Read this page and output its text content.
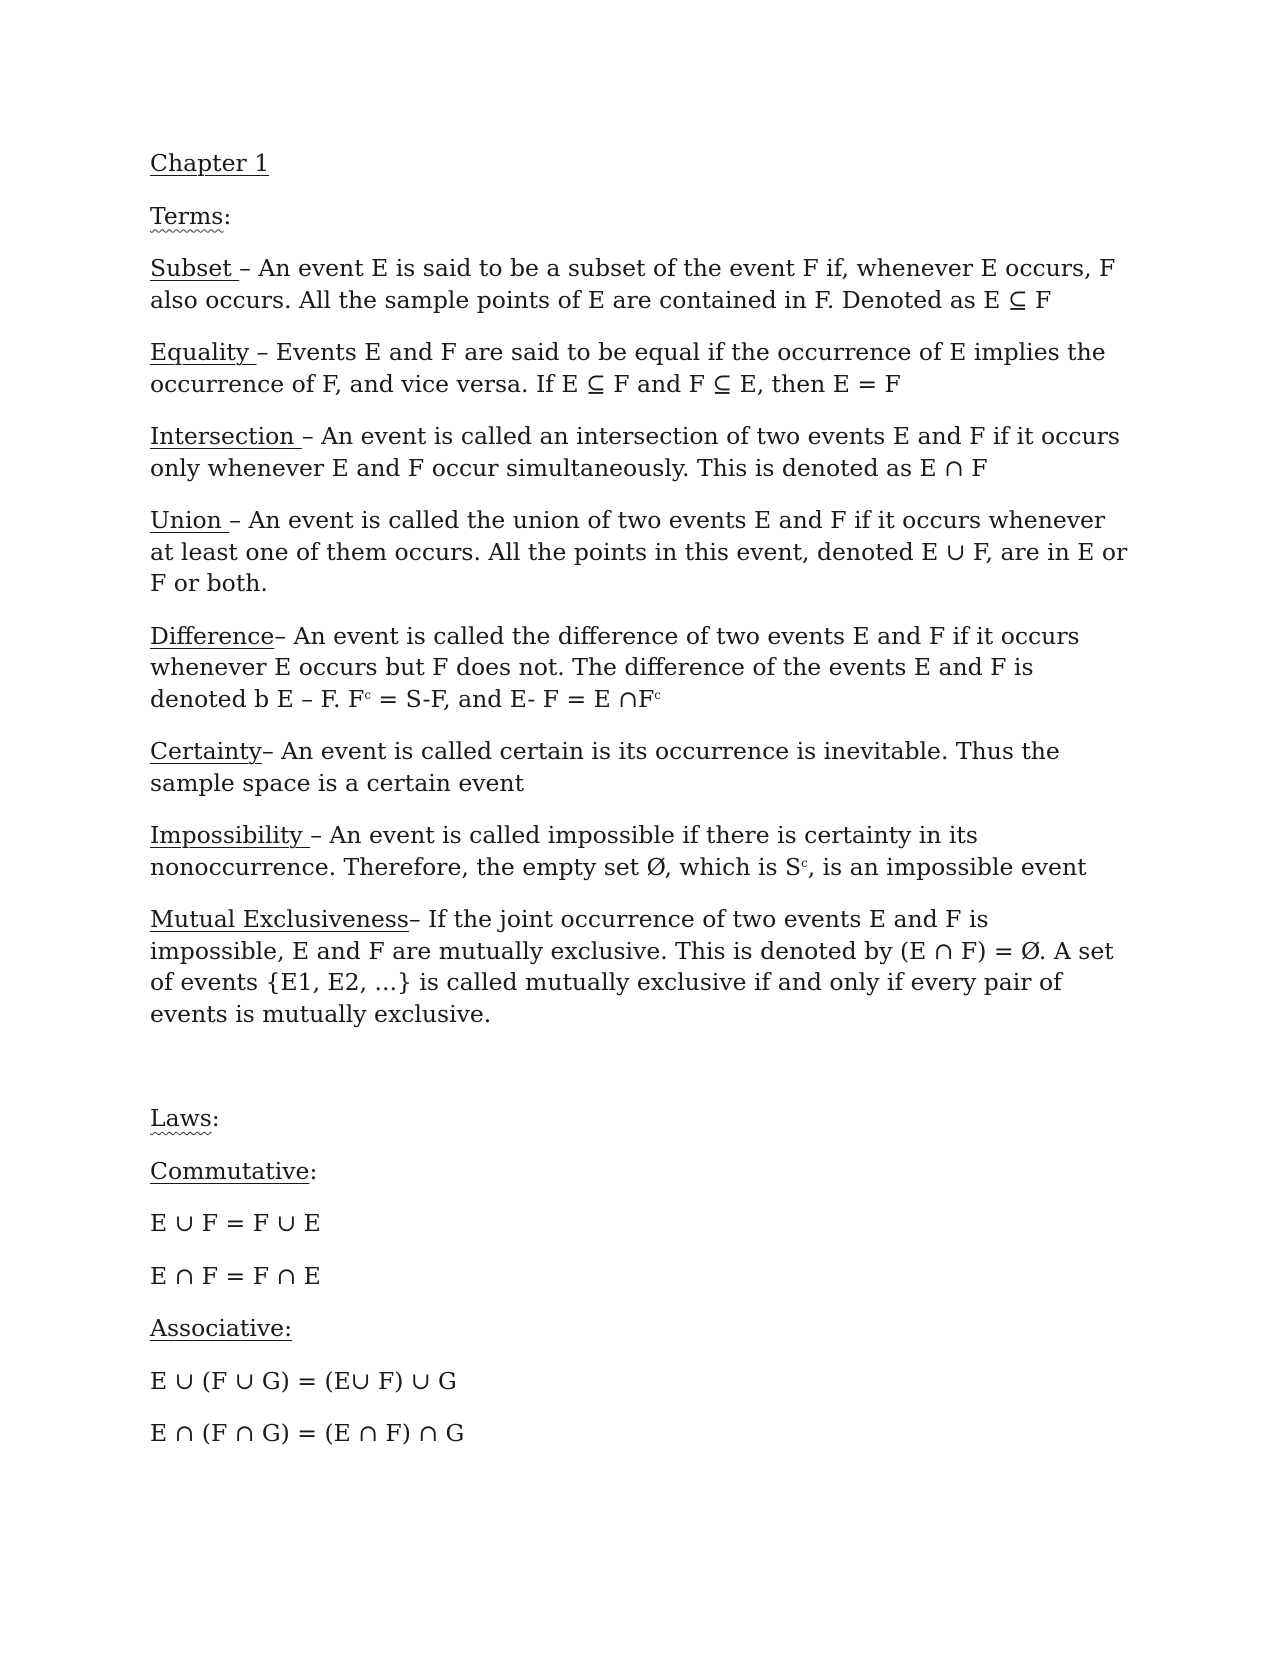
Chapter 1

Terms:

Subset – An event E is said to be a subset of the event F if, whenever E occurs, F also occurs. All the sample points of E are contained in F. Denoted as E ⊆ F

Equality – Events E and F are said to be equal if the occurrence of E implies the occurrence of F, and vice versa. If E ⊆ F and F ⊆ E, then E = F

Intersection – An event is called an intersection of two events E and F if it occurs only whenever E and F occur simultaneously. This is denoted as E ∩ F

Union – An event is called the union of two events E and F if it occurs whenever at least one of them occurs. All the points in this event, denoted E ∪ F, are in E or F or both.

Difference– An event is called the difference of two events E and F if it occurs whenever E occurs but F does not. The difference of the events E and F is denoted b E – F. $F^c = S-F$, and E- F = E $\cap F^c$

Certainty– An event is called certain is its occurrence is inevitable. Thus the sample space is a certain event

Impossibility – An event is called impossible if there is certainty in its nonoccurrence. Therefore, the empty set Ø, which is $S^c$, is an impossible event

Mutual Exclusiveness– If the joint occurrence of two events E and F is impossible, E and F are mutually exclusive. This is denoted by (E ∩ F) = Ø. A set of events {E1, E2, ...} is called mutually exclusive if and only if every pair of events is mutually exclusive.

Laws:

Commutative:

E ∪ F = F ∪ E

E ∩ F = F ∩ E

Associative:

E ∪ (F ∪ G) = (E∪ F) ∪ G

E ∩ (F ∩ G) = (E ∩ F) ∩ G
